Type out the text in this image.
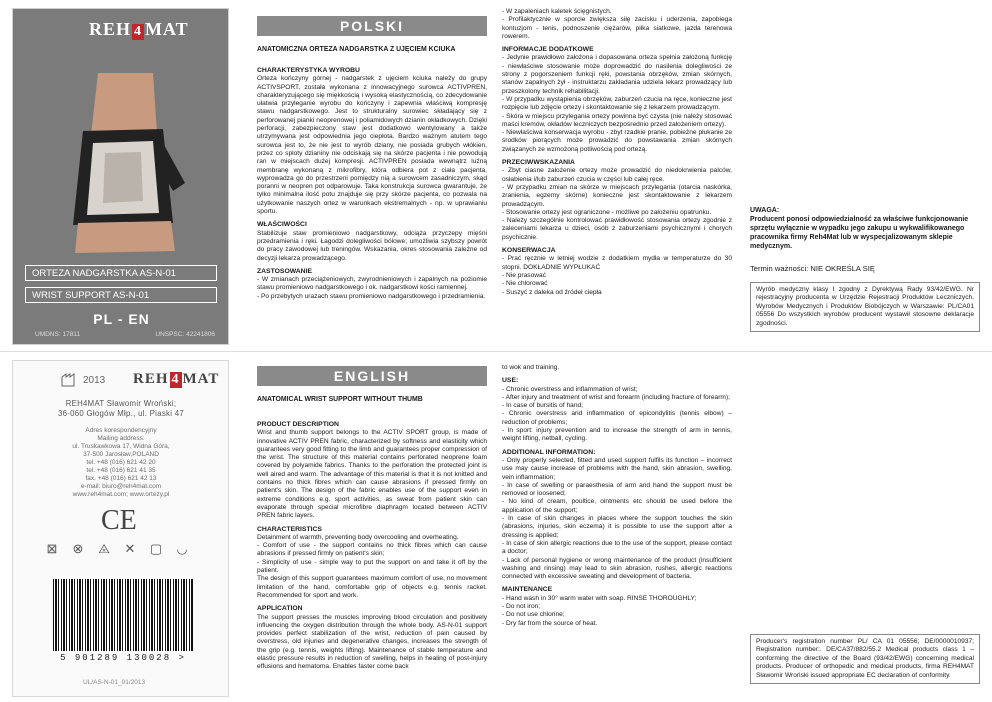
REH 4 MAT
ORTEZA NADGARSTKA AS-N-01
WRIST SUPPORT AS-N-01
PL - EN
UMDNS: 17811	UNSPSC: 42241806
POLSKI
ANATOMICZNA ORTEZA NADGARSTKA Z UJĘCIEM KCIUKA
CHARAKTERYSTYKA WYROBU

Orteza kończyny górnej - nadgarstek z ujęciem kciuka należy do grupy ACTIVSPORT, została wykonana z innowacyjnego surowca ACTIVPREN, charakteryzującego się miękkością i wysoką elastycznością, co zdecydowanie ułatwia przyleganie wyrobu do kończyny i zapewnia właściwą kompresję stawu nadgarstkowego. Jest to strukturalny surowiec składający się z perforowanej pianki neoprenowej i poliamidowych dzianin okładkowych. Dzięki perforacji, zabezpieczony staw jest dodatkowo wentylowany a także utrzymywana jest odpowiednia jego ciepłota. Bardzo ważnym atutem tego surowca jest to, że nie jest to wyrób dziany, nie posiada grubych włókien, przez co sploty dzianiny nie odciskają się na skórze pacjenta i nie powodują ran w miejscach dużej kompresji. ACTIVPREN posiada wewnątrz luźną membranę wykonaną z mikrofibry, która odbiera pot z ciała pacjenta, wyprowadza go do przestrzeni pomiędzy nią a surowcem zasadniczym, skąd poranni w neopren pot odparowuje. Taka konstrukcja surowca gwarantuje, że tylko minimalna ilość potu znajduje się przy skórze pacjenta, co pozwala na użytkowanie naszych ortez w warunkach ekstremalnych - np. w uprawianiu sportu.

WŁAŚCIWOŚCI

Stabilizuje staw promieniowo nadgarstkowy, odciąża przyczepy mięśni przedramienia i ręki. Łagodzi dolegliwości bólowe; umożliwia szybszy powrót do pracy zawodowej lub treningów. Wskazania, okres stosowania zależne od decyzji lekarza prowadzącego.

ZASTOSOWANIE

- W zmianach przeciążeniowych, zwyrodnieniowych i zapalnych na poziomie stawu promieniowo nadgarstkowego i ok. nadgarstkowi kości ramiennej.
- Po przebytych urazach stawu promieniowo nadgarstkowego i przedramienia.

- W zapaleniach kaletek ścięgnistych.
- Profilaktycznie w sporcie zwiększa siłę zacisku i uderzenia, zapobiega kontuzjom - tenis, podnoszenie ciężarów, piłka siatkowe, jazda terenowa rowerem.

INFORMACJE DODATKOWE

- Jedynie prawidłowo założona i dopasowana orteza spełnia założoną funkcję - niewłaściwe stosowanie może doprowadzić do nasilenia dolegliwości ze strony z pogorszeniem funkcji ręki, powstania obrzęków, zmian skórnych, stanów zapalnych żył - instruktarzu zakładania udziela lekarz prowadzący lub przeszkolony technik rehabilitacji.
- W przypadku wystąpienia obrzęków, zaburzeń czucia na ręce, konieczne jest rozpięcie lub zdjęcie ortezy i skontaktowanie się z lekarzem prowadzącym.
- Skóra w miejscu przylegania ortezy powinna być czysta (nie należy stosować maści kremów, okładów leczniczych bezpośrednio przed założeniem ortezy).
- Niewłaściwa konserwacja wyrobu - zbyt rzadkie pranie, pobieżne płukanie ze środków piorących może prowadzić do powstawania zmian skórnych związanych ze wzmożoną potliwością pod ortezą.

PRZECIWWSKAZANIA

- Zbyt ciasne założenie ortezy może prowadzić do niedokrwienia palców, osłabienia i/lub zaburzeń czucia w części lub całej ręce.
- W przypadku zmian na skórze w miejscach przylegania (otarcia naskórka, zranienia, egzemy skórne) konieczne jest skontaktowanie z lekarzem prowadzącym.
- Stosowanie ortezy jest ograniczone - możliwe po założeniu opatrunku.
- Należy szczególnie kontrolować prawidłowość stosowania ortezy zgodnie z zaleceniami lekarza u dzieci, osób z zaburzeniami psychicznymi i chorych psychicznie.

KONSERWACJA

- Prać ręcznie w letniej wodzie z dodatkiem mydła w temperaturze do 30 stopni. DOKŁADNIE WYPŁUKAĆ
- Nie prasować
- Nie chlorować
- Suszyć z daleka od źródeł ciepła

UWAGA:
Producent ponosi odpowiedzialność za właściwe funkcjonowanie sprzętu wyłącznie w wypadku jego zakupu u wykwalifikowanego pracownika firmy Reh4Mat lub w wyspecjalizowanym sklepie medycznym.
Termin ważności: NIE OKREŚLA SIĘ
Wyrób medyczny klasy I zgodny z Dyrektywą Rady 93/42/EWG. Nr rejestracyjny producenta w Urzędzie Rejestracji Produktów Leczniczych, Wyrobów Medycznych i Produktów Biobójczych w Warszawie: PL/CA01 05556 Do wszystkich wyrobów producent wystawił stosowne deklaracje zgodności.
2013 REH 4 MAT
REH4MAT Sławomir Wroński;
36-060 Głogów Młp., ul. Piaski 47
Adres korespondencyjny
Mailing address:
ul. Truskawkowa 17, Widna Góra,
37-500 Jarosław,POLAND
tel. +48 (016) 621 42 20
tel. +48 (016) 621 41 35
fax. +48 (016) 621 42 13
e-mail: biuro@reh4mat.com
www.reh4mat.com; www.ortezy.pl
CE
⊠ ⊗ ⨻ ✕ ▢ ◡
5 901289 130028 >
UL/AS-N-01_01/2013
ENGLISH
ANATOMICAL WRIST SUPPORT WITHOUT THUMB
PRODUCT DESCRIPTION

Wrist and thumb support belongs to the ACTIV SPORT group, is made of innovative ACTIV PREN fabric, characterized by softness and elasticity which guarantees very good fitting to the limb and guarantees proper compression of the wrist. The structure of this material contains perforated neoprene foam covered by polyamide fabrics. Thanks to the perforation the protected joint is well aired and warm. The advantage of this material is that it is not knitted and contains no thick fibres which can cause abrasions if pressed firmly on patient's skin. The design of the fabric enables use of the support even in extreme conditions e.g. sport activities, as sweat from patient skin can evaporate through special microfibre diaphragm located between ACTIV PREN fabric layers.

CHARACTERISTICS

Detainment of warmth, preventing body overcooling and overheating.
- Comfort of use - the support contains no thick fibres which can cause abrasions if pressed firmly on patient's skin;
- Simplicity of use - simple way to put the support on and take it off by the patient.
The design of this support guarantees maximum comfort of use, no movement limitation of the hand, comfortable grip of objects e.g. tennis racket. Recommended for sport and work.

APPLICATION

The support presses the muscles improving blood circulation and positively influencing the oxygen distribution through the whole body. AS-N-01 support provides perfect stabilization of the wrist, reduction of pain caused by overstress, old injuries and degenerative changes, increases the strength of the grip (e.g. tennis, weights lifting). Maintenance of stable temperature and elastic pressure results in reduction of swelling, helps in healing of post-injury effusions and hematoma. Enables faster come back

to wok and training.

USE:

- Chronic overstress and inflammation of wrist;
- After injury and treatment of wrist and forearm (including fracture of forearm);
- In case of bursitis of hand;
- Chronic overstress and inflammation of epicondylitis (tennis elbow) – reduction of problems;
- In sport: injury prevention and to increase the strength of arm in tennis, weight lifting, netball, cycling.

ADDITIONAL INFORMATION:

- Only properly selected, fitted and used support fulfils its function – incorrect use may cause increase of problems with the hand, skin abrasion, swelling, vein inflammation;
- In case of swelling or paraesthesia of arm and hand the support must be removed or loosened;
- No kind of cream, poultice, ointments etc should be used before the application of the support;
- In case of skin changes in places where the support touches the skin (abrasions, injuries, skin eczema) it is possible to use the support after a dressing is applied;
- In case of skin allergic reactions due to the use of the support, please contact a doctor;
- Lack of personal hygiene or wrong maintenance of the product (insufficient washing and rinsing) may lead to skin abrasion, rushes, allergic reactions connected with excessive sweating and development of bacteria.

MAINTENANCE

- Hand wash in 30° warm water with soap. RINSE THOROUGHLY;
- Do not iron;
- Do not use chlorine;
- Dry far from the source of heat.

Producer's registration number PL/ CA 01 05556; DE/0000010937; Registration number:. DE/CA37/882/55.2 Medical products class 1 – conforming the directive of the Board (93/42/EWG) concerning medical products. Producer of orthopedic and medical products, firma REH4MAT Sławomir Wroński issued appropriate EC declaration of conformity.
